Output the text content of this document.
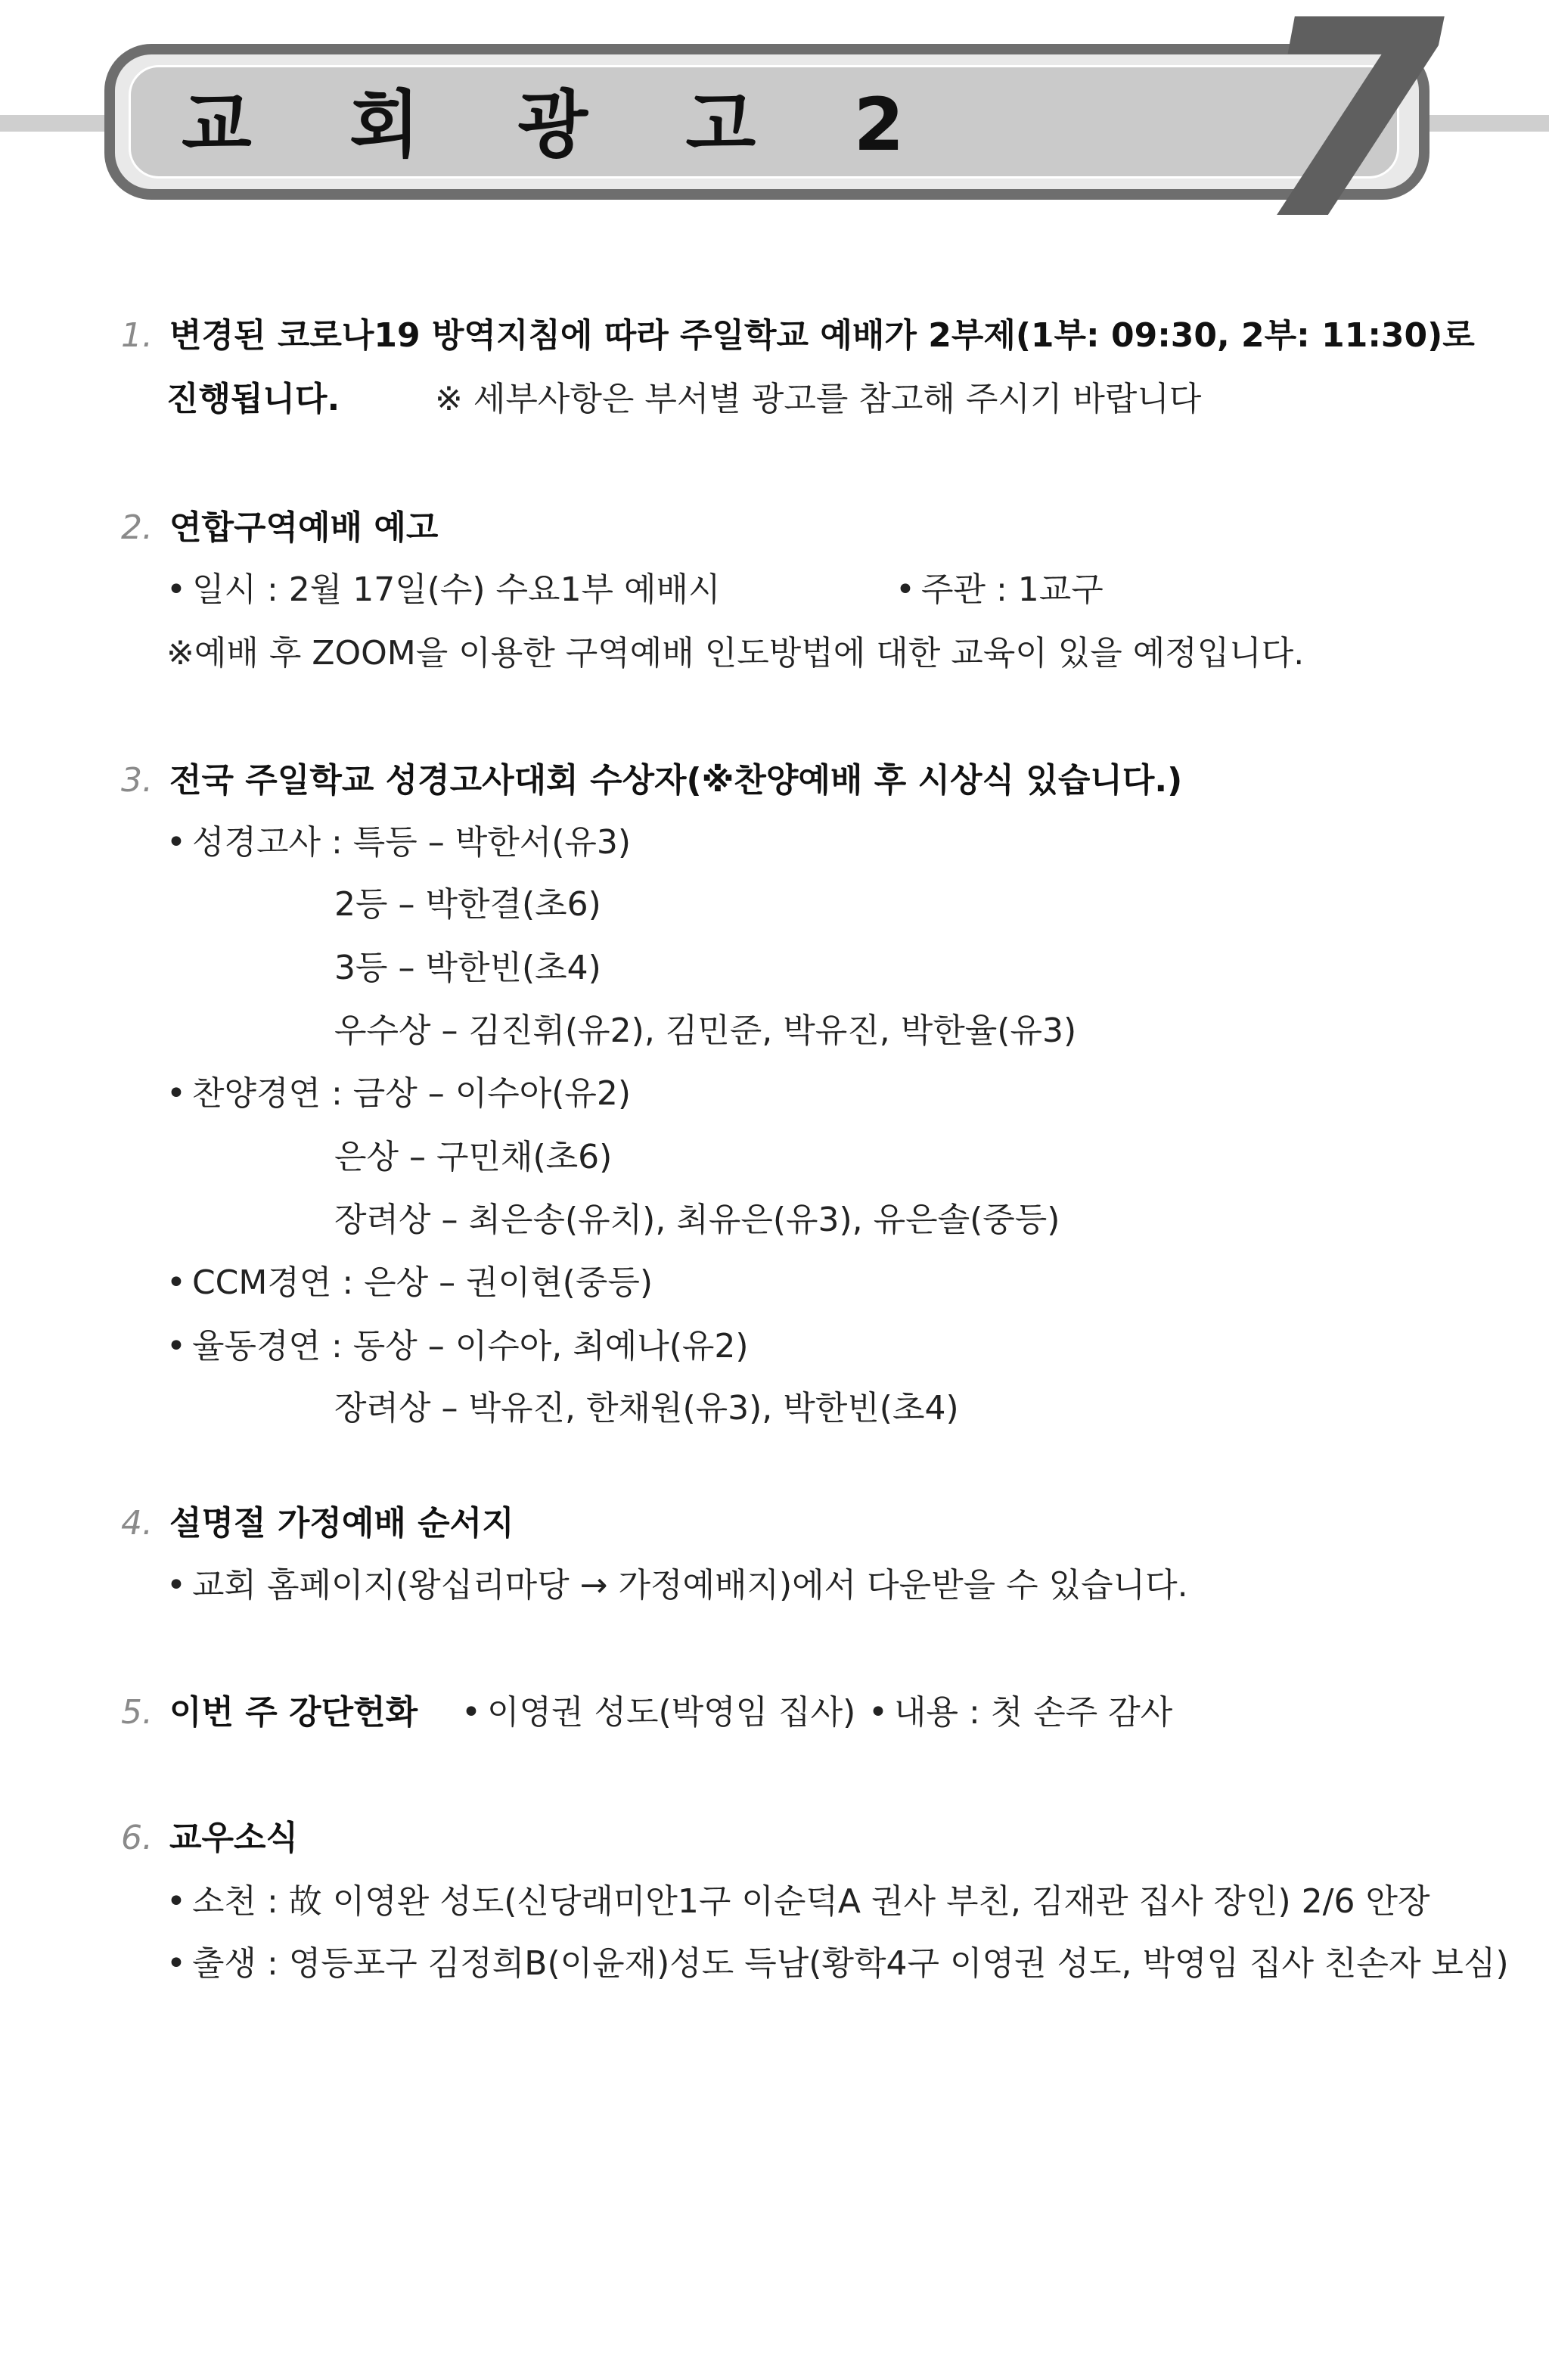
교 회 광 고 2 7
1. 변경된 코로나19 방역지침에 따라 주일학교 예배가 2부제(1부: 09:30, 2부: 11:30)로
진행됩니다.	※ 세부사항은 부서별 광고를 참고해 주시기 바랍니다
2. 연합구역예배 예고
• 일시 : 2월 17일(수) 수요1부 예배시	• 주관 : 1교구
※예배 후 ZOOM을 이용한 구역예배 인도방법에 대한 교육이 있을 예정입니다.
3. 전국 주일학교 성경고사대회 수상자(※찬양예배 후 시상식 있습니다.)
• 성경고사 : 특등 – 박한서(유3)
2등 – 박한결(초6)
3등 – 박한빈(초4)
우수상 – 김진휘(유2), 김민준, 박유진, 박한율(유3)
• 찬양경연 : 금상 – 이수아(유2)
은상 – 구민채(초6)
장려상 – 최은송(유치), 최유은(유3), 유은솔(중등)
• CCM경연 : 은상 – 권이현(중등)
• 율동경연 : 동상 – 이수아, 최예나(유2)
장려상 – 박유진, 한채원(유3), 박한빈(초4)
4. 설명절 가정예배 순서지
• 교회 홈페이지(왕십리마당 → 가정예배지)에서 다운받을 수 있습니다.
5. 이번 주 강단헌화	• 이영권 성도(박영임 집사)	• 내용 : 첫 손주 감사
6. 교우소식
• 소천 : 故 이영완 성도(신당래미안1구 이순덕A 권사 부친, 김재관 집사 장인) 2/6 안장
• 출생 : 영등포구 김정희B(이윤재)성도 득남(황학4구 이영권 성도, 박영임 집사 친손자 보심)
